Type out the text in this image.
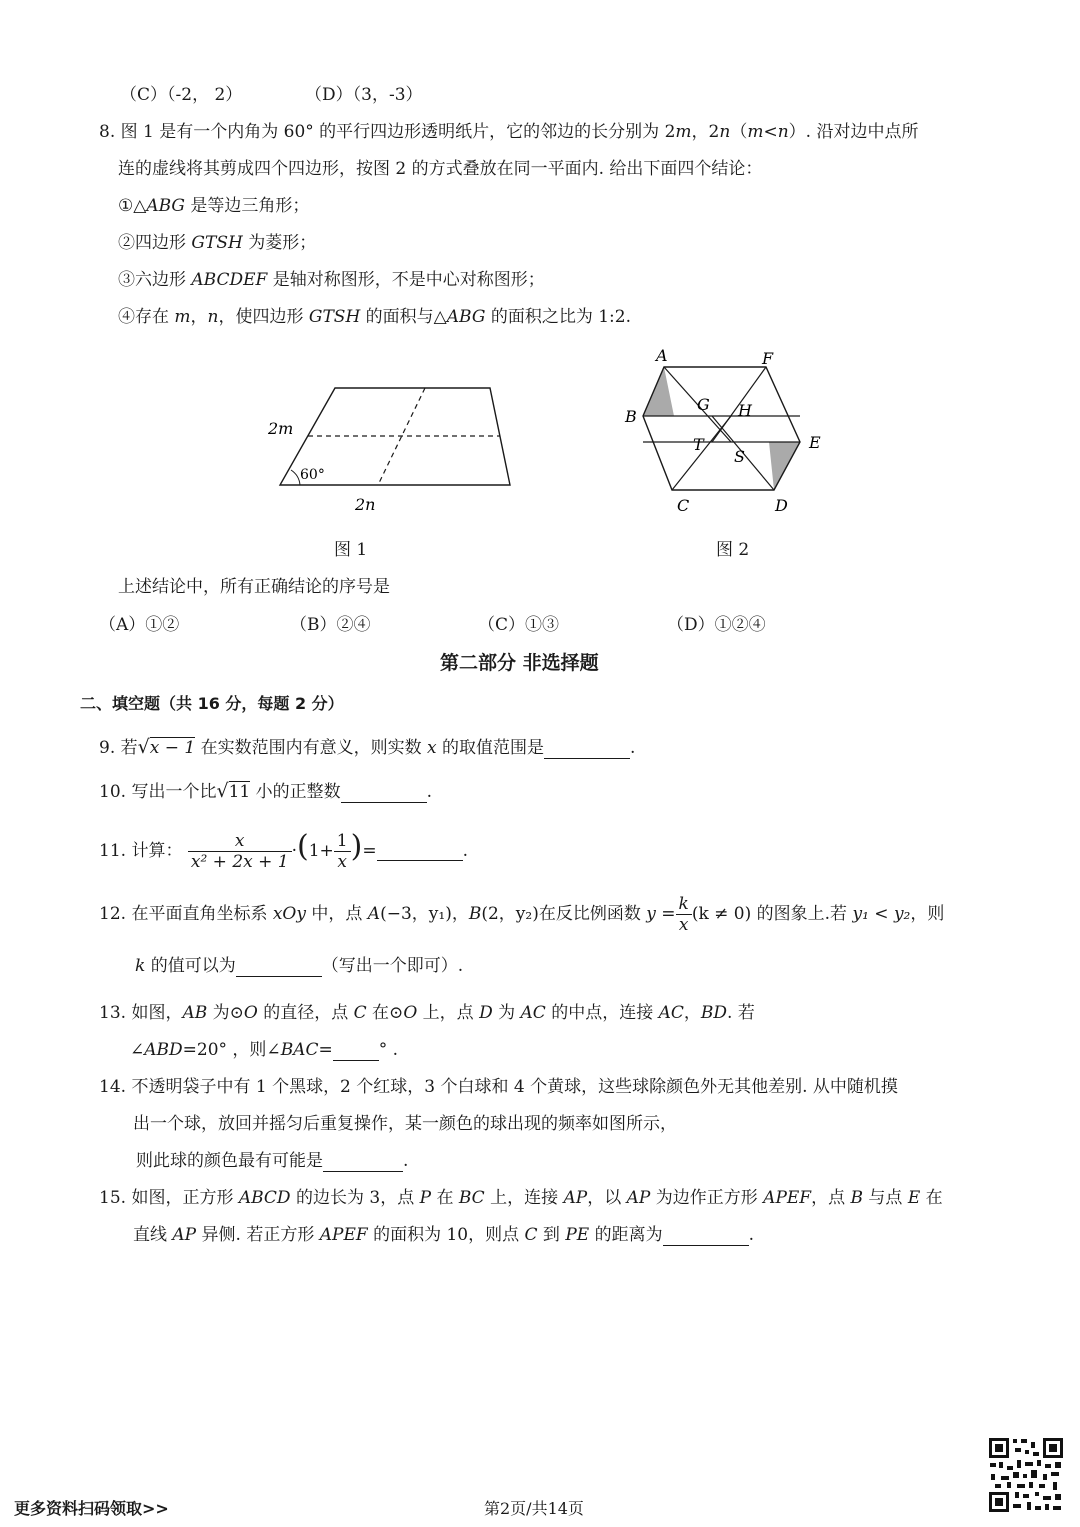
（C）（-2， 2）	（D）（3，-3）
8. 图 1 是有一个内角为 60° 的平行四边形透明纸片，它的邻边的长分别为 2m，2n（m<n）. 沿对边中点所
连的虚线将其剪成四个四边形，按图 2 的方式叠放在同一平面内. 给出下面四个结论：
①△ABG 是等边三角形；
②四边形 GTSH 为菱形；
③六边形 ABCDEF 是轴对称图形，不是中心对称图形；
④存在 m，n，使四边形 GTSH 的面积与△ABG 的面积之比为 1:2.
2m
60°
2n
图 1
A	F
B
G H
E
T
S
C	D
图 2
上述结论中，所有正确结论的序号是
（A）①②	（B）②④	（C）①③	（D）①②④
第二部分 非选择题
二、填空题（共 16 分，每题 2 分）
9. 若√x − 1 在实数范围内有意义，则实数 x 的取值范围是	.
10. 写出一个比√11 小的正整数	.
11. 计算： $\frac{x}{\text{x² + 2x + 1}} \cdot(1+ \frac{1}{x}$ )=	.
12. 在平面直角坐标系 xOy 中，点 A(−3，y₁)，B(2，y₂)在反比例函数 $y = \frac{k}{x} (k \ne 0)$ 的图象上.若 y₁ < y₂，则
k 的值可以为	（写出一个即可）.
13. 如图，AB 为⊙O 的直径，点 C 在⊙O 上，点 D 为 AC 的中点，连接 AC，BD. 若
∠ABD=20° ，则∠BAC=	° .
14. 不透明袋子中有 1 个黑球，2 个红球，3 个白球和 4 个黄球，这些球除颜色外无其他差别. 从中随机摸
出一个球，放回并摇匀后重复操作，某一颜色的球出现的频率如图所示，
则此球的颜色最有可能是	.
15. 如图，正方形 ABCD 的边长为 3，点 P 在 BC 上，连接 AP，以 AP 为边作正方形 APEF，点 B 与点 E 在
直线 AP 异侧. 若正方形 APEF 的面积为 10，则点 C 到 PE 的距离为	.
更多资料扫码领取>>	第2页/共14页
